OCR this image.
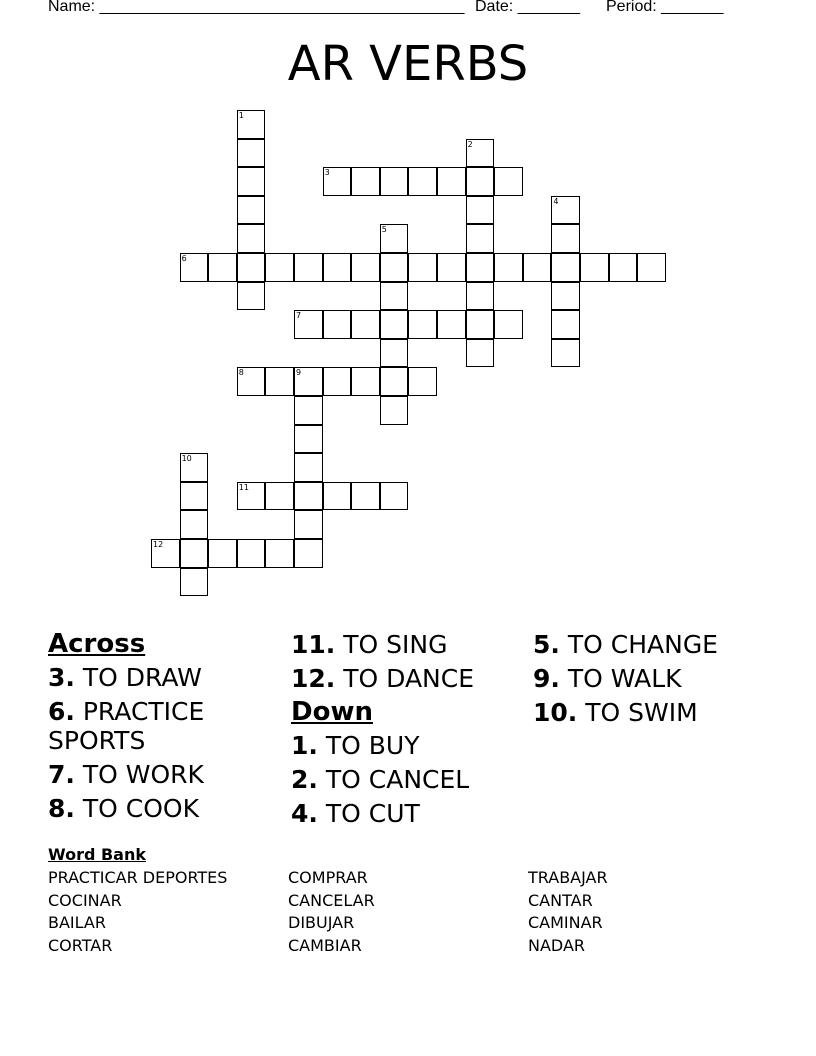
Name: _________________________________________

Date: _______

Period: _______

AR VERBS
1
2
3
4
5
6
7
8	9
10
11
12
Across
3. TO DRAW
6. PRACTICE SPORTS
7. TO WORK
8. TO COOK
11. TO SING
12. TO DANCE
Down
1. TO BUY
2. TO CANCEL
4. TO CUT
5. TO CHANGE
9. TO WALK
10. TO SWIM
Word Bank
PRACTICAR DEPORTES
COCINAR
BAILAR
CORTAR
COMPRAR
CANCELAR
DIBUJAR
CAMBIAR
TRABAJAR
CANTAR
CAMINAR
NADAR
